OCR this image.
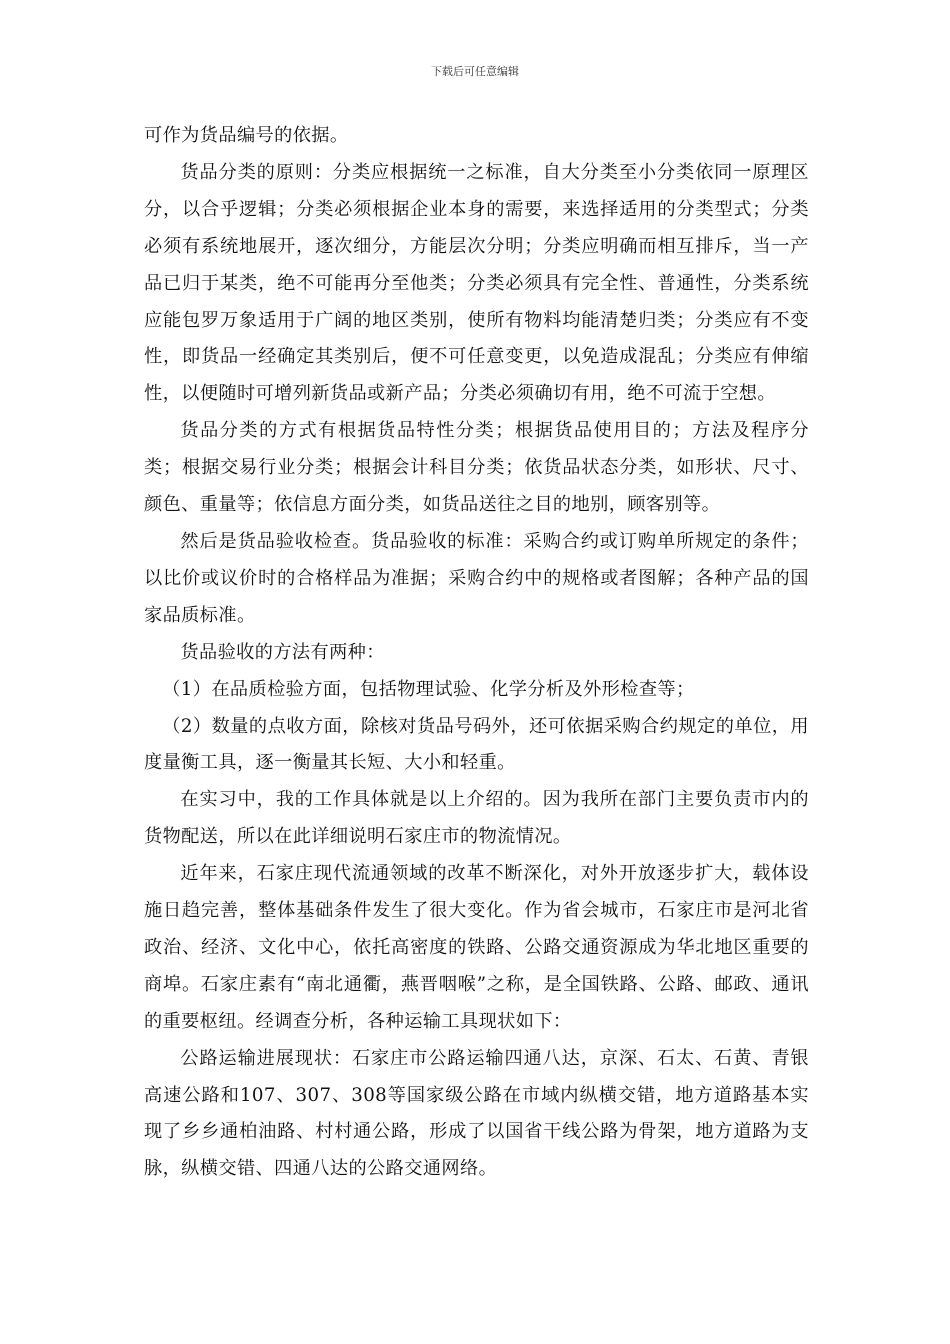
下载后可任意编辑

可作为货品编号的依据。

货品分类的原则：分类应根据统一之标准，自大分类至小分类依同一原理区分，以合乎逻辑；分类必须根据企业本身的需要，来选择适用的分类型式；分类必须有系统地展开，逐次细分，方能层次分明；分类应明确而相互排斥，当一产品已归于某类，绝不可能再分至他类；分类必须具有完全性、普通性，分类系统应能包罗万象适用于广阔的地区类别，使所有物料均能清楚归类；分类应有不变性，即货品一经确定其类别后，便不可任意变更，以免造成混乱；分类应有伸缩性，以便随时可增列新货品或新产品；分类必须确切有用，绝不可流于空想。

货品分类的方式有根据货品特性分类；根据货品使用目的；方法及程序分类；根据交易行业分类；根据会计科目分类；依货品状态分类，如形状、尺寸、颜色、重量等；依信息方面分类，如货品送往之目的地别，顾客别等。

然后是货品验收检查。货品验收的标准：采购合约或订购单所规定的条件；以比价或议价时的合格样品为准据；采购合约中的规格或者图解；各种产品的国家品质标准。

货品验收的方法有两种：

（1）在品质检验方面，包括物理试验、化学分析及外形检查等；

（2）数量的点收方面，除核对货品号码外，还可依据采购合约规定的单位，用度量衡工具，逐一衡量其长短、大小和轻重。

在实习中，我的工作具体就是以上介绍的。因为我所在部门主要负责市内的货物配送，所以在此详细说明石家庄市的物流情况。

近年来，石家庄现代流通领域的改革不断深化，对外开放逐步扩大，载体设施日趋完善，整体基础条件发生了很大变化。作为省会城市，石家庄市是河北省政治、经济、文化中心，依托高密度的铁路、公路交通资源成为华北地区重要的商埠。石家庄素有“南北通衢，燕晋咽喉”之称，是全国铁路、公路、邮政、通讯的重要枢纽。经调查分析，各种运输工具现状如下：

公路运输进展现状：石家庄市公路运输四通八达，京深、石太、石黄、青银高速公路和107、307、308等国家级公路在市域内纵横交错，地方道路基本实现了乡乡通柏油路、村村通公路，形成了以国省干线公路为骨架，地方道路为支脉，纵横交错、四通八达的公路交通网络。
